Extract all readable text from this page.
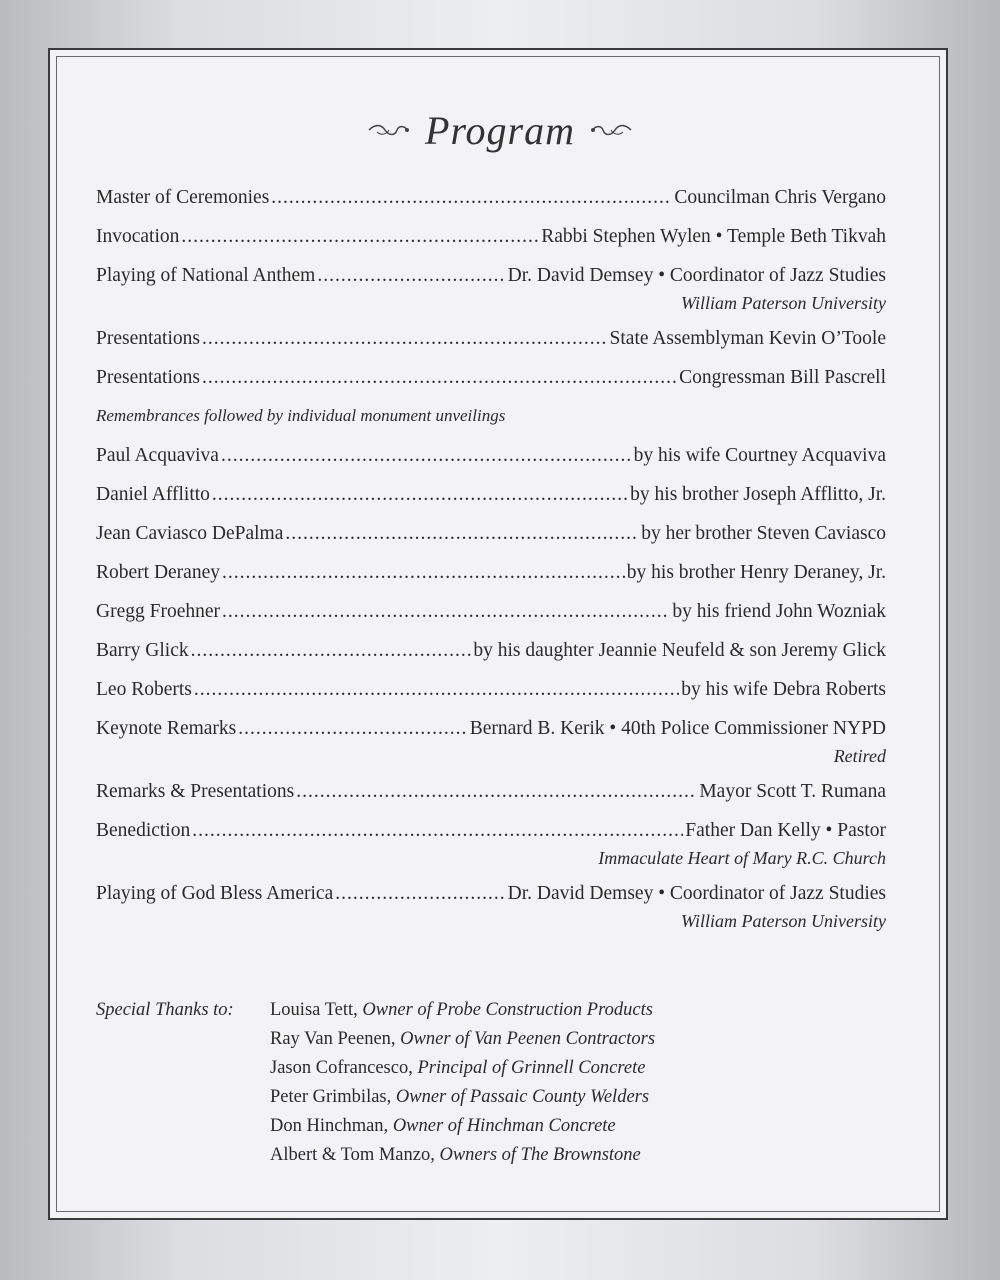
Program
Master of Ceremonies .....	Councilman Chris Vergano
Invocation .....	Rabbi Stephen Wylen • Temple Beth Tikvah
Playing of National Anthem .....	Dr. David Demsey • Coordinator of Jazz Studies
William Paterson University
Presentations .....	State Assemblyman Kevin O’Toole
Presentations .....	Congressman Bill Pascrell
Remembrances followed by individual monument unveilings
Paul Acquaviva .....	by his wife Courtney Acquaviva
Daniel Afflitto .....	by his brother Joseph Afflitto, Jr.
Jean Caviasco DePalma .....	by her brother Steven Caviasco
Robert Deraney .....	by his brother Henry Deraney, Jr.
Gregg Froehner .....	by his friend John Wozniak
Barry Glick .....	by his daughter Jeannie Neufeld & son Jeremy Glick
Leo Roberts .....	by his wife Debra Roberts
Keynote Remarks .....	Bernard B. Kerik • 40th Police Commissioner NYPD
Retired
Remarks & Presentations .....	Mayor Scott T. Rumana
Benediction .....	Father Dan Kelly • Pastor
Immaculate Heart of Mary R.C. Church
Playing of God Bless America .....	Dr. David Demsey • Coordinator of Jazz Studies
William Paterson University
Special Thanks to: Louisa Tett, Owner of Probe Construction Products
Ray Van Peenen, Owner of Van Peenen Contractors
Jason Cofrancesco, Principal of Grinnell Concrete
Peter Grimbilas, Owner of Passaic County Welders
Don Hinchman, Owner of Hinchman Concrete
Albert & Tom Manzo, Owners of The Brownstone
